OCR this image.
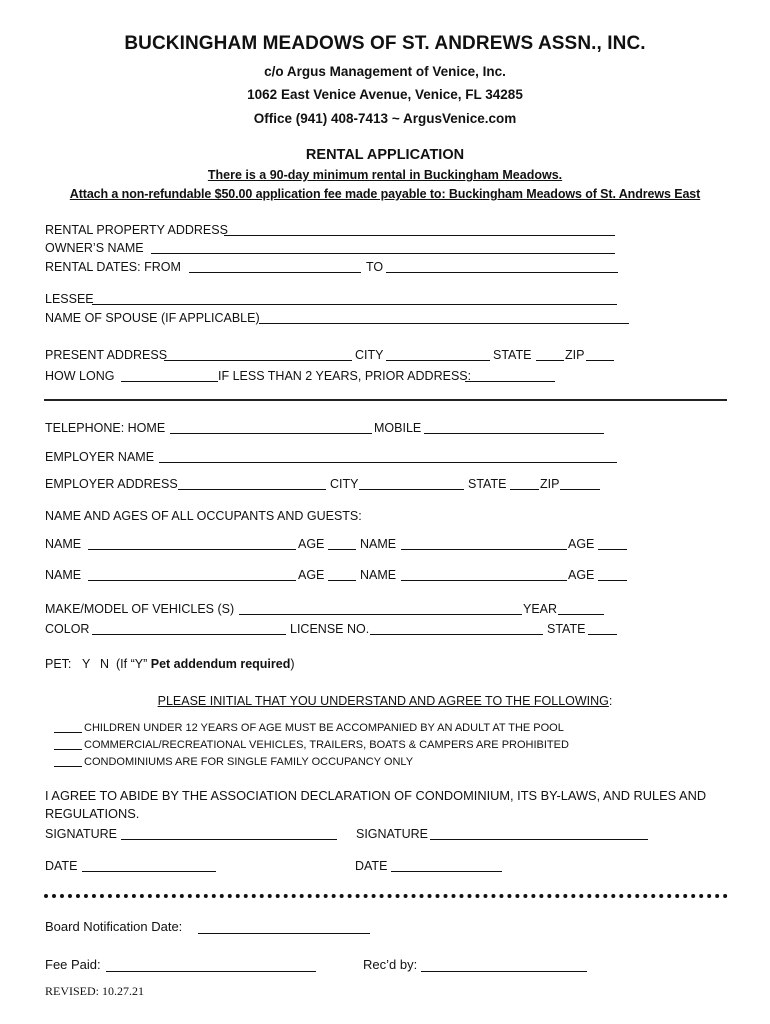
BUCKINGHAM MEADOWS OF ST. ANDREWS ASSN., INC.
c/o Argus Management of Venice, Inc.
1062 East Venice Avenue, Venice, FL 34285
Office (941) 408-7413 ~ ArgusVenice.com
RENTAL APPLICATION
There is a 90-day minimum rental in Buckingham Meadows.
Attach a non-refundable $50.00 application fee made payable to: Buckingham Meadows of St. Andrews East
RENTAL PROPERTY ADDRESS
OWNER’S NAME
RENTAL DATES: FROM	TO
LESSEE
NAME OF SPOUSE (IF APPLICABLE)
PRESENT ADDRESS	CITY	STATE	ZIP
HOW LONG	IF LESS THAN 2 YEARS, PRIOR ADDRESS:
TELEPHONE: HOME	MOBILE
EMPLOYER NAME
EMPLOYER ADDRESS	CITY	STATE	ZIP
NAME AND AGES OF ALL OCCUPANTS AND GUESTS:
NAME	AGE	NAME	AGE
NAME	AGE	NAME	AGE
MAKE/MODEL OF VEHICLES (S)	YEAR
COLOR	LICENSE NO.	STATE
PET: Y N (If “Y” Pet addendum required)
PLEASE INITIAL THAT YOU UNDERSTAND AND AGREE TO THE FOLLOWING:
CHILDREN UNDER 12 YEARS OF AGE MUST BE ACCOMPANIED BY AN ADULT AT THE POOL
COMMERCIAL/RECREATIONAL VEHICLES, TRAILERS, BOATS & CAMPERS ARE PROHIBITED
CONDOMINIUMS ARE FOR SINGLE FAMILY OCCUPANCY ONLY
I AGREE TO ABIDE BY THE ASSOCIATION DECLARATION OF CONDOMINIUM, ITS BY-LAWS, AND RULES AND
REGULATIONS.
SIGNATURE	SIGNATURE
DATE	DATE
Board Notification Date:
Fee Paid:	Rec’d by:
REVISED: 10.27.21
